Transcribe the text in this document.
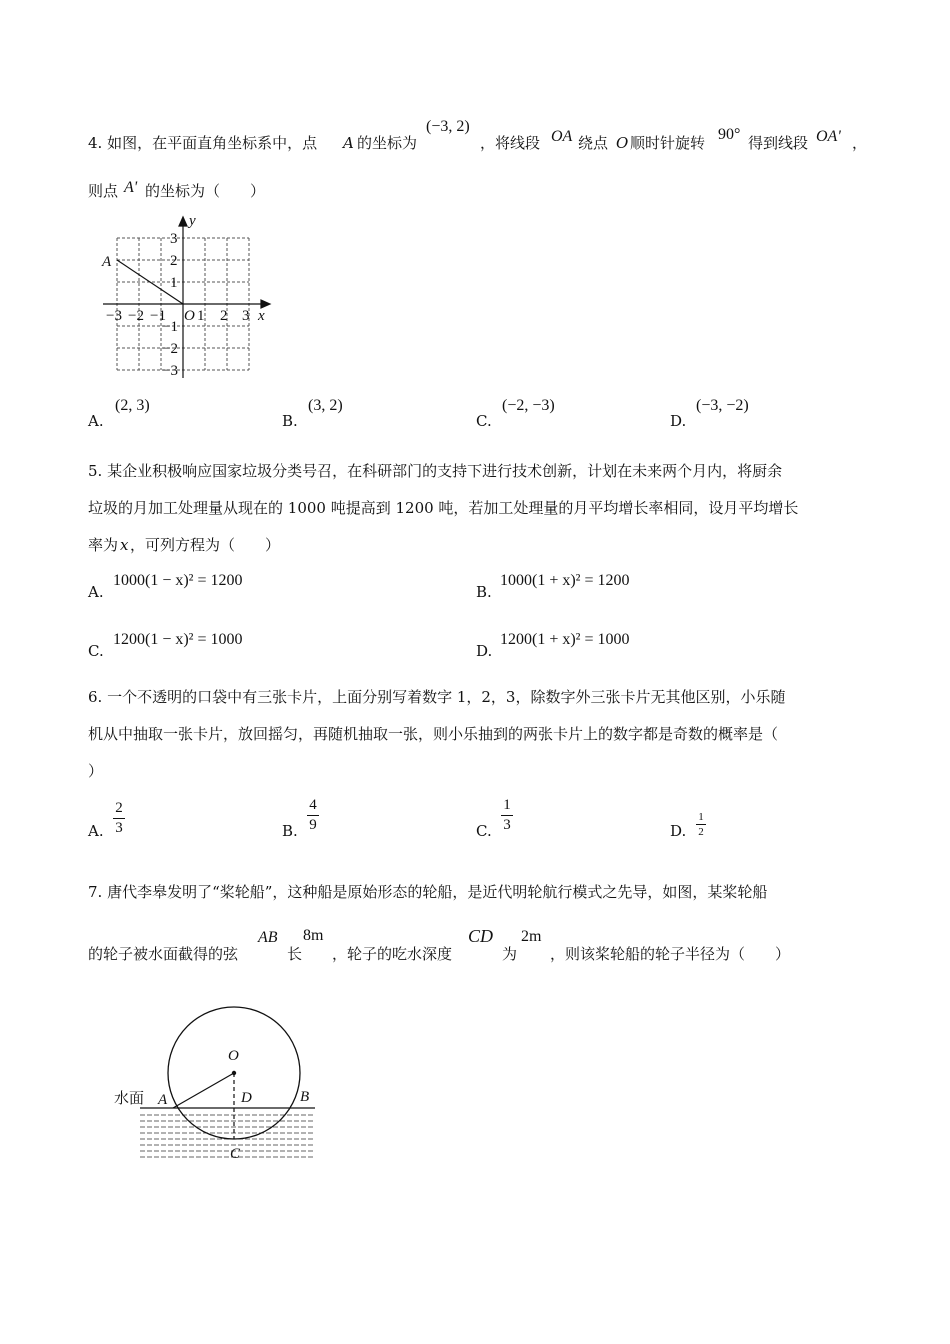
4. 如图，在平面直角坐标系中，点 A 的坐标为
(−3, 2)
，将线段 OA 绕点 O 顺时针旋转 90° 得到线段 OA' ，
则点 A' 的坐标为（　　）
y
x
A
O
−3 −2 −1 1 2 3
3
2
1
−1
−2
−3
A.
(2, 3)
B.
(3, 2)
C.
(−2, −3)
D.
(−3, −2)
5. 某企业积极响应国家垃圾分类号召，在科研部门的支持下进行技术创新，计划在未来两个月内，将厨余
垃圾的月加工处理量从现在的 1000 吨提高到 1200 吨，若加工处理量的月平均增长率相同，设月平均增长
率为 x ，可列方程为（　　）
A.
1000(1 − x)² = 1200
B.
1000(1 + x)² = 1200
C.
1200(1 − x)² = 1000
D.
1200(1 + x)² = 1000
6. 一个不透明的口袋中有三张卡片，上面分别写着数字 1，2，3，除数字外三张卡片无其他区别，小乐随
机从中抽取一张卡片，放回摇匀，再随机抽取一张，则小乐抽到的两张卡片上的数字都是奇数的概率是（
）
A.
2
3	B.
4
9	C.
1
3	D.
1
2
7. 唐代李皋发明了“桨轮船”，这种船是原始形态的轮船，是近代明轮航行模式之先导，如图，某桨轮船
的轮子被水面截得的弦
AB
长
8m
，轮子的吃水深度
CD
为
2m
，则该桨轮船的轮子半径为（　　）
O
A	D	B
C
水面
